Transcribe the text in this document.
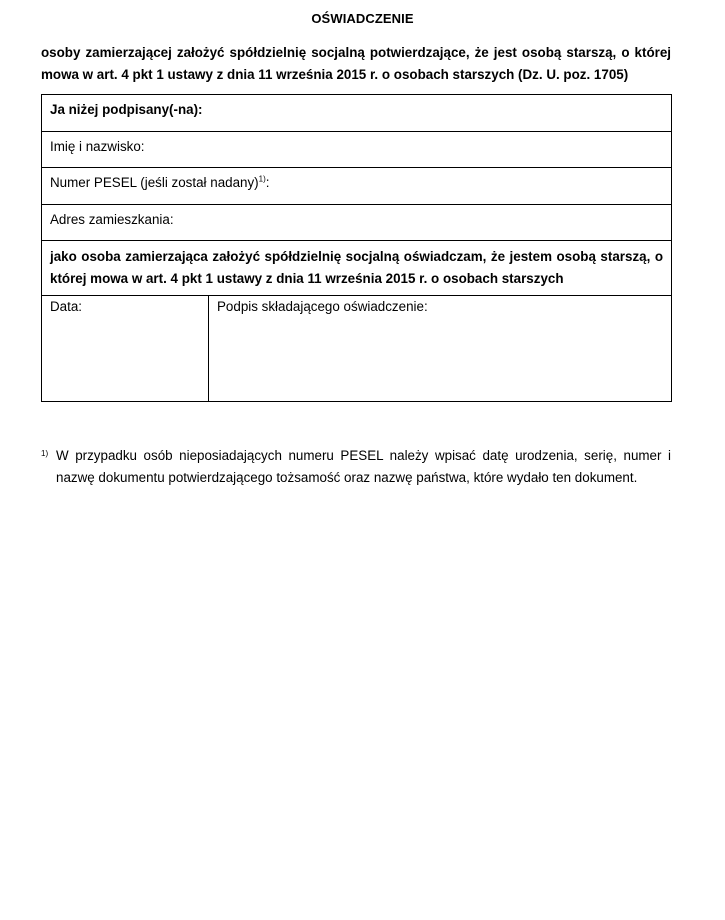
OŚWIADCZENIE
osoby zamierzającej założyć spółdzielnię socjalną potwierdzające, że jest osobą starszą, o której mowa w art. 4 pkt 1 ustawy z dnia 11 września 2015 r. o osobach starszych (Dz. U. poz. 1705)
Ja niżej podpisany(-na):
Imię i nazwisko:
Numer PESEL (jeśli został nadany)$^{1)}$:
Adres zamieszkania:
jako osoba zamierzająca założyć spółdzielnię socjalną oświadczam, że jestem osobą starszą, o której mowa w art. 4 pkt 1 ustawy z dnia 11 września 2015 r. o osobach starszych
Data:	Podpis składającego oświadczenie:
1) W przypadku osób nieposiadających numeru PESEL należy wpisać datę urodzenia, serię, numer i nazwę dokumentu potwierdzającego tożsamość oraz nazwę państwa, które wydało ten dokument.
